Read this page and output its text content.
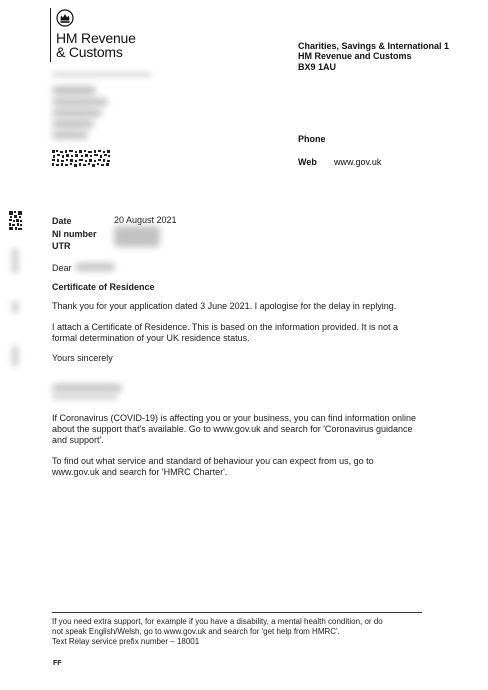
HM Revenue
& Customs	Charities, Savings & International 1
HM Revenue and Customs
BX9 1AU
Phone
Web www.gov.uk
Date	20 August 2021
NI number
UTR
Dear
Certificate of Residence
Thank you for your application dated 3 June 2021. I apologise for the delay in replying.
I attach a Certificate of Residence. This is based on the information provided. It is not a
formal determination of your UK residence status.
Yours sincerely
If Coronavirus (COVID-19) is affecting you or your business, you can find information online
about the support that's available. Go to www.gov.uk and search for 'Coronavirus guidance
and support'.
To find out what service and standard of behaviour you can expect from us, go to
www.gov.uk and search for 'HMRC Charter'.
If you need extra support, for example if you have a disability, a mental health condition, or do
not speak English/Welsh, go to www.gov.uk and search for 'get help from HMRC'.
Text Relay service prefix number – 18001
FF
